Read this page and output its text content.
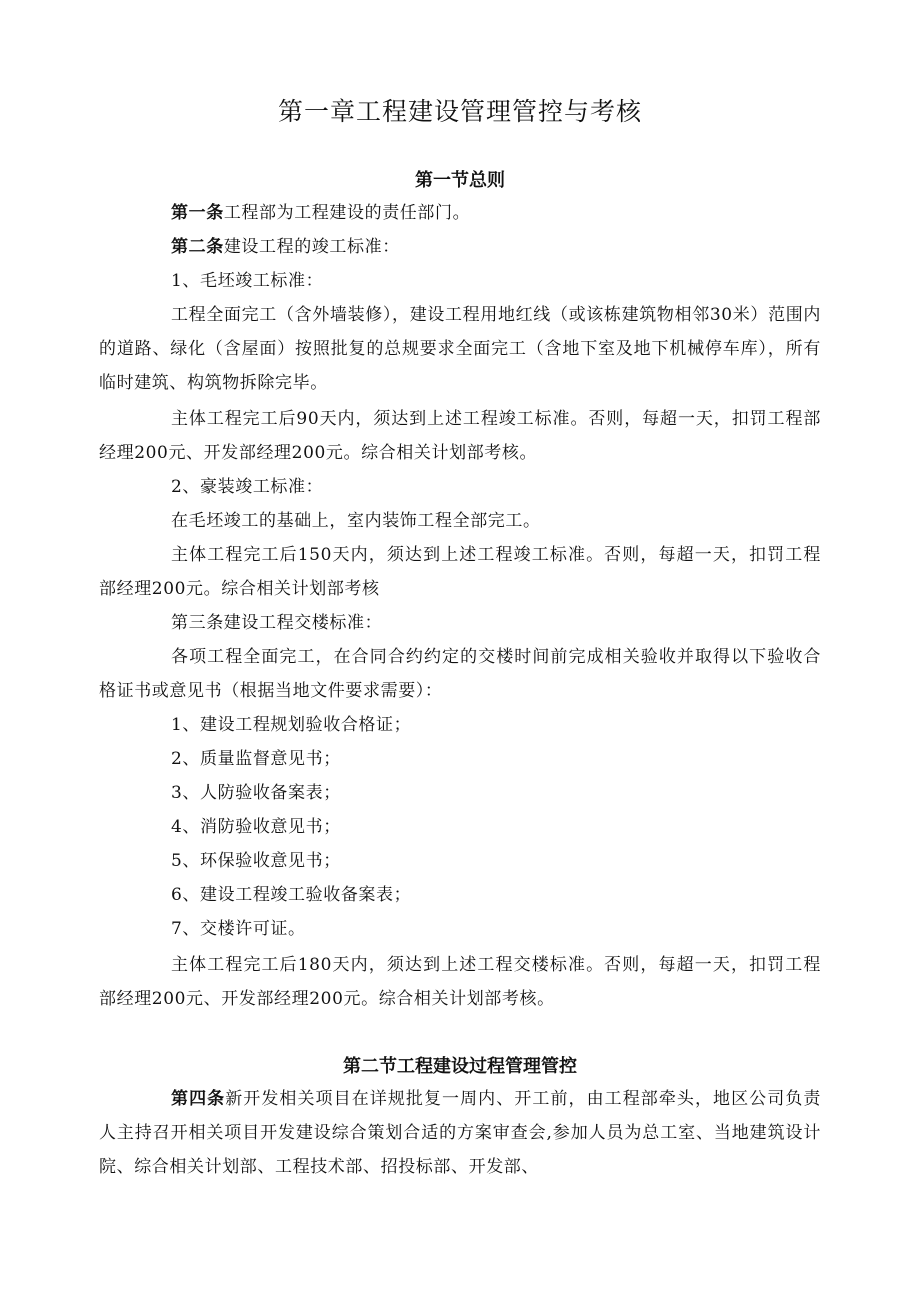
第一章工程建设管理管控与考核
第一节总则

第一条工程部为工程建设的责任部门。

第二条建设工程的竣工标准：

1、毛坯竣工标准：

工程全面完工（含外墙装修），建设工程用地红线（或该栋建筑物相邻30米）范围内的道路、绿化（含屋面）按照批复的总规要求全面完工（含地下室及地下机械停车库），所有临时建筑、构筑物拆除完毕。

主体工程完工后90天内，须达到上述工程竣工标准。否则，每超一天，扣罚工程部经理200元、开发部经理200元。综合相关计划部考核。

2、豪装竣工标准：

在毛坯竣工的基础上，室内装饰工程全部完工。

主体工程完工后150天内，须达到上述工程竣工标准。否则，每超一天，扣罚工程部经理200元。综合相关计划部考核

第三条建设工程交楼标准：

各项工程全面完工，在合同合约约定的交楼时间前完成相关验收并取得以下验收合格证书或意见书（根据当地文件要求需要）：

1、建设工程规划验收合格证；

2、质量监督意见书；

3、人防验收备案表；

4、消防验收意见书；

5、环保验收意见书；

6、建设工程竣工验收备案表；

7、交楼许可证。

主体工程完工后180天内，须达到上述工程交楼标准。否则，每超一天，扣罚工程部经理200元、开发部经理200元。综合相关计划部考核。

第二节工程建设过程管理管控

第四条新开发相关项目在详规批复一周内、开工前，由工程部牵头，地区公司负责人主持召开相关项目开发建设综合策划合适的方案审查会,参加人员为总工室、当地建筑设计院、综合相关计划部、工程技术部、招投标部、开发部、
